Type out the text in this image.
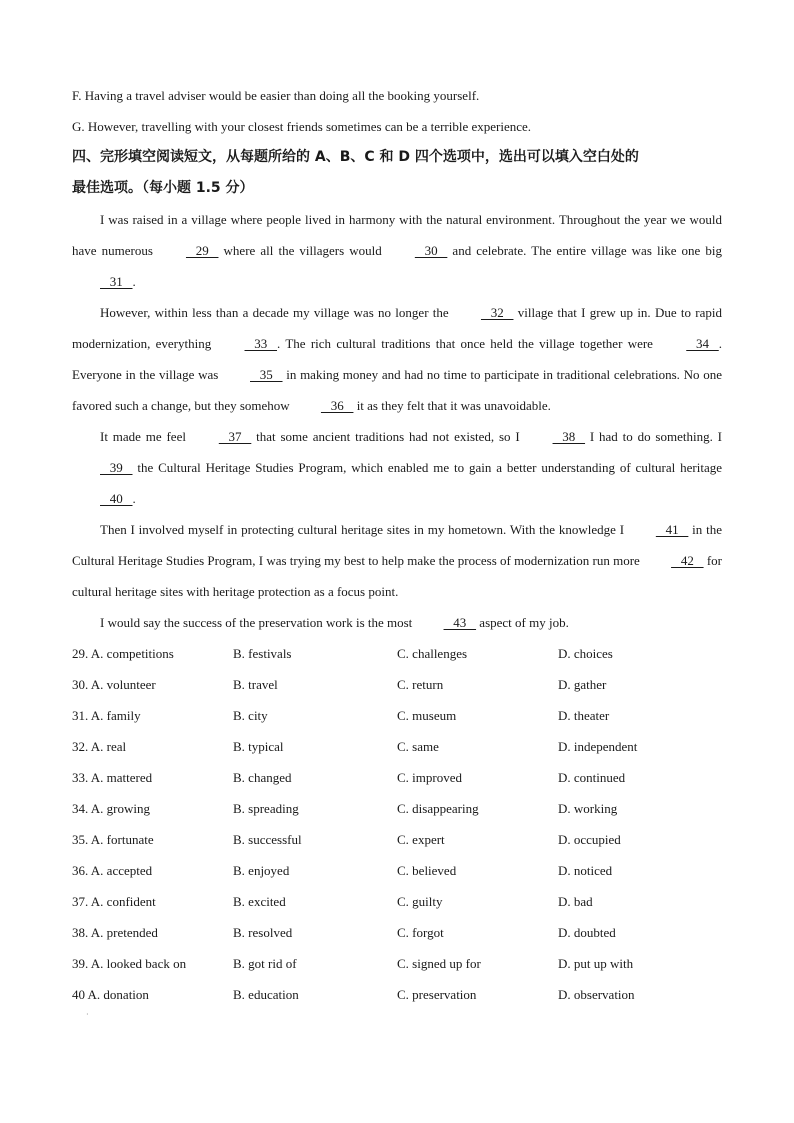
F. Having a travel adviser would be easier than doing all the booking yourself.
G. However, travelling with your closest friends sometimes can be a terrible experience.
四、完形填空阅读短文，从每题所给的 A、B、C 和 D 四个选项中，选出可以填入空白处的
最佳选项。（每小题 1.5 分）

I was raised in a village where people lived in harmony with the natural environment. Throughout the year we would have numerous    29    where all the villagers would    30    and celebrate. The entire village was like one big    31   .

However, within less than a decade my village was no longer the    32    village that I grew up in. Due to rapid modernization, everything    33   . The rich cultural traditions that once held the village together were    34   . Everyone in the village was    35    in making money and had no time to participate in traditional celebrations. No one favored such a change, but they somehow    36    it as they felt that it was unavoidable.

It made me feel    37    that some ancient traditions had not existed, so I    38    I had to do something. I    39    the Cultural Heritage Studies Program, which enabled me to gain a better understanding of cultural heritage    40   .

Then I involved myself in protecting cultural heritage sites in my hometown. With the knowledge I    41    in the Cultural Heritage Studies Program, I was trying my best to help make the process of modernization run more    42    for cultural heritage sites with heritage protection as a focus point.

I would say the success of the preservation work is the most    43    aspect of my job.

29. A. competitions	B. festivals	C. challenges	D. choices
30. A. volunteer	B. travel	C. return	D. gather
31. A. family	B. city	C. museum	D. theater
32. A. real	B. typical	C. same	D. independent
33. A. mattered	B. changed	C. improved	D. continued
34. A. growing	B. spreading	C. disappearing	D. working
35. A. fortunate	B. successful	C. expert	D. occupied
36. A. accepted	B. enjoyed	C. believed	D. noticed
37. A. confident	B. excited	C. guilty	D. bad
38. A. pretended	B. resolved	C. forgot	D. doubted
39. A. looked back on	B. got rid of	C. signed up for	D. put up with
40 A. donation	B. education	C. preservation	D. observation
·
